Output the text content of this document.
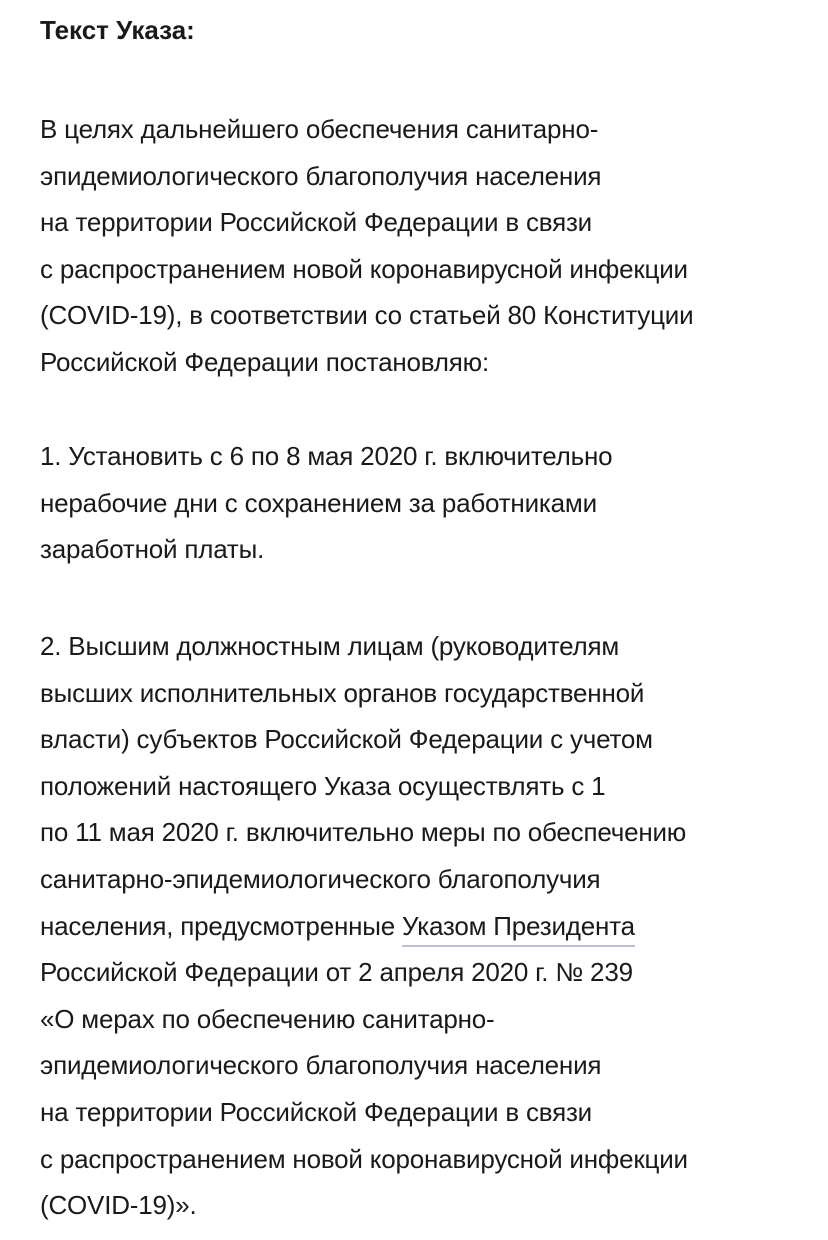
Текст Указа:

В целях дальнейшего обеспечения санитарно-
эпидемиологического благополучия населения
на территории Российской Федерации в связи
с распространением новой коронавирусной инфекции
(COVID-19), в соответствии со статьей 80 Конституции
Российской Федерации постановляю:

1. Установить с 6 по 8 мая 2020 г. включительно
нерабочие дни с сохранением за работниками
заработной платы.

2. Высшим должностным лицам (руководителям
высших исполнительных органов государственной
власти) субъектов Российской Федерации с учетом
положений настоящего Указа осуществлять с 1
по 11 мая 2020 г. включительно меры по обеспечению
санитарно-эпидемиологического благополучия
населения, предусмотренные Указом Президента
Российской Федерации от 2 апреля 2020 г. № 239
«О мерах по обеспечению санитарно-
эпидемиологического благополучия населения
на территории Российской Федерации в связи
с распространением новой коронавирусной инфекции
(COVID-19)».
